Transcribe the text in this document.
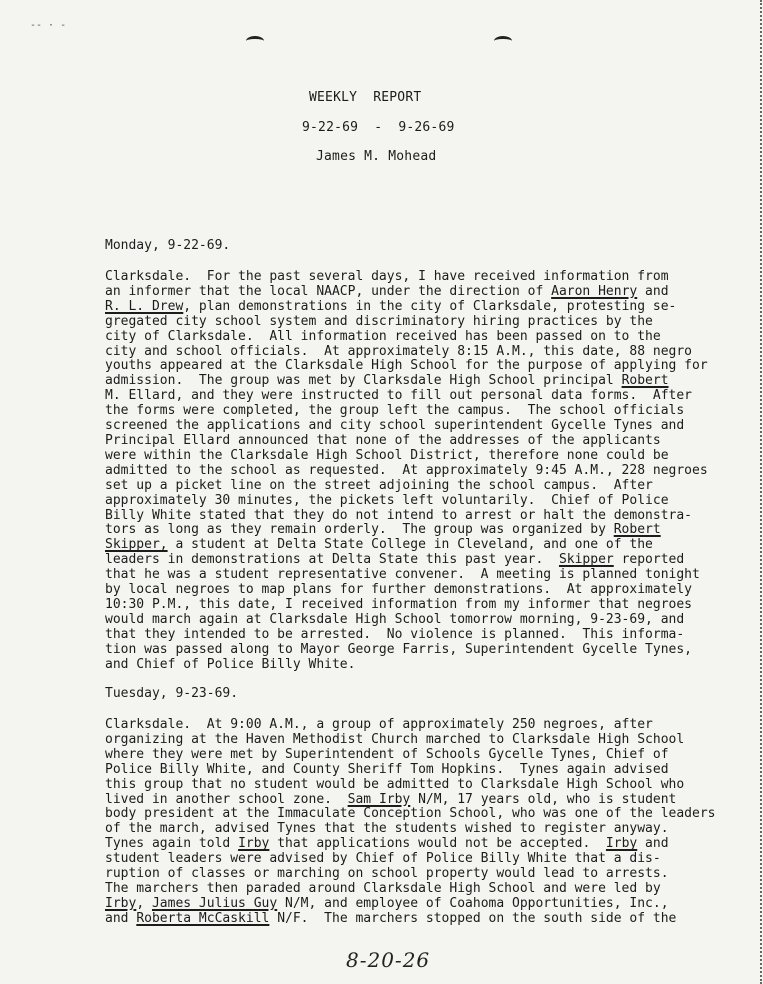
‑‑ · ‑
WEEKLY  REPORT
9-22-69  -  9-26-69
James M. Mohead
Monday, 9-22-69.
Clarksdale.  For the past several days, I have received information from
an informer that the local NAACP, under the direction of Aaron Henry and
R. L. Drew, plan demonstrations in the city of Clarksdale, protesting se-
gregated city school system and discriminatory hiring practices by the
city of Clarksdale.  All information received has been passed on to the
city and school officials.  At approximately 8:15 A.M., this date, 88 negro
youths appeared at the Clarksdale High School for the purpose of applying for
admission.  The group was met by Clarksdale High School principal Robert
M. Ellard, and they were instructed to fill out personal data forms.  After
the forms were completed, the group left the campus.  The school officials
screened the applications and city school superintendent Gycelle Tynes and
Principal Ellard announced that none of the addresses of the applicants
were within the Clarksdale High School District, therefore none could be
admitted to the school as requested.  At approximately 9:45 A.M., 228 negroes
set up a picket line on the street adjoining the school campus.  After
approximately 30 minutes, the pickets left voluntarily.  Chief of Police
Billy White stated that they do not intend to arrest or halt the demonstra-
tors as long as they remain orderly.  The group was organized by Robert
Skipper, a student at Delta State College in Cleveland, and one of the
leaders in demonstrations at Delta State this past year.  Skipper reported
that he was a student representative convener.  A meeting is planned tonight
by local negroes to map plans for further demonstrations.  At approximately
10:30 P.M., this date, I received information from my informer that negroes
would march again at Clarksdale High School tomorrow morning, 9-23-69, and
that they intended to be arrested.  No violence is planned.  This informa-
tion was passed along to Mayor George Farris, Superintendent Gycelle Tynes,
and Chief of Police Billy White.
Tuesday, 9-23-69.
Clarksdale.  At 9:00 A.M., a group of approximately 250 negroes, after
organizing at the Haven Methodist Church marched to Clarksdale High School
where they were met by Superintendent of Schools Gycelle Tynes, Chief of
Police Billy White, and County Sheriff Tom Hopkins.  Tynes again advised
this group that no student would be admitted to Clarksdale High School who
lived in another school zone.  Sam Irby N/M, 17 years old, who is student
body president at the Immaculate Conception School, who was one of the leaders
of the march, advised Tynes that the students wished to register anyway.
Tynes again told Irby that applications would not be accepted.  Irby and
student leaders were advised by Chief of Police Billy White that a dis-
ruption of classes or marching on school property would lead to arrests.
The marchers then paraded around Clarksdale High School and were led by
Irby, James Julius Guy N/M, and employee of Coahoma Opportunities, Inc.,
and Roberta McCaskill N/F.  The marchers stopped on the south side of the
8-20-26
